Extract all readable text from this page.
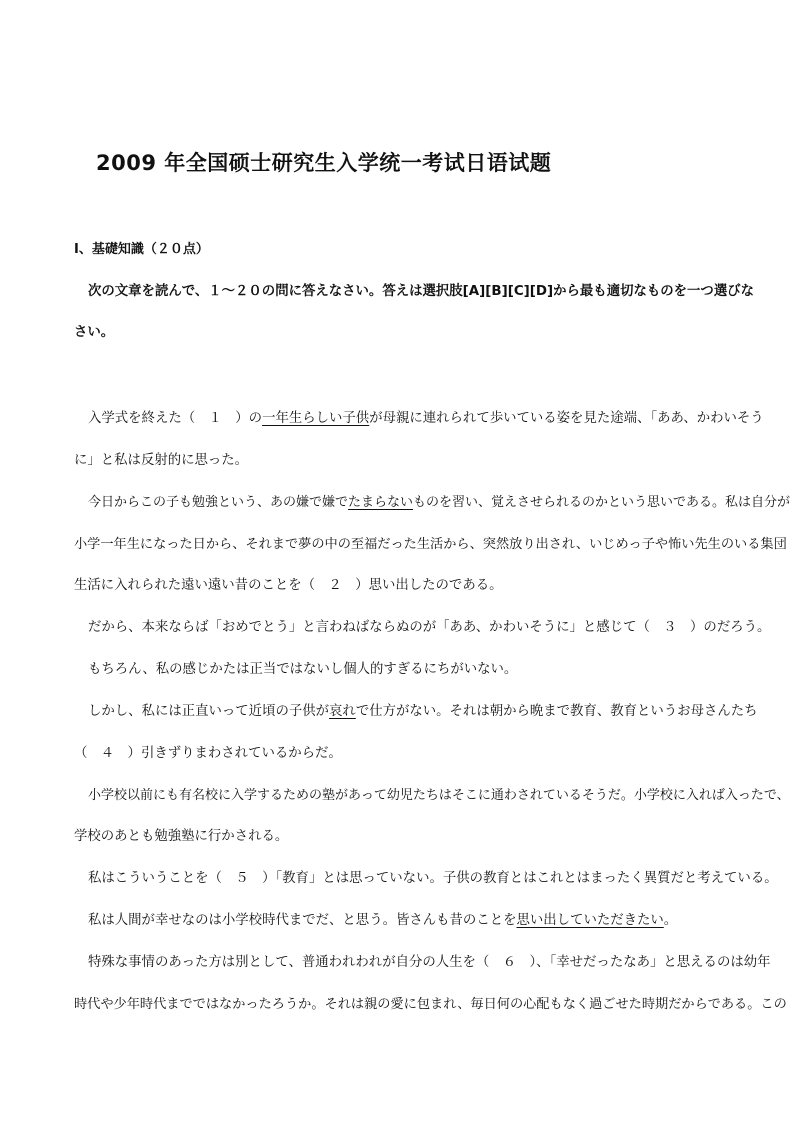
2009 年全国硕士研究生入学统一考试日语试题
Ⅰ、基礎知識（２０点）
次の文章を読んで、１～２０の問に答えなさい。答えは選択肢[A][B][C][D]から最も適切なものを一つ選びな
さい。
入学式を終えた（　１　）の一年生らしい子供が母親に連れられて歩いている姿を見た途端、「ああ、かわいそう
に」と私は反射的に思った。
今日からこの子も勉強という、あの嫌で嫌でたまらないものを習い、覚えさせられるのかという思いである。私は自分が
小学一年生になった日から、それまで夢の中の至福だった生活から、突然放り出され、いじめっ子や怖い先生のいる集団
生活に入れられた遠い遠い昔のことを（　２　）思い出したのである。
だから、本来ならば「おめでとう」と言わねばならぬのが「ああ、かわいそうに」と感じて（　３　）のだろう。
もちろん、私の感じかたは正当ではないし個人的すぎるにちがいない。
しかし、私には正直いって近頃の子供が哀れで仕方がない。それは朝から晩まで教育、教育というお母さんたち
（　４　）引きずりまわされているからだ。
小学校以前にも有名校に入学するための塾があって幼児たちはそこに通わされているそうだ。小学校に入れば入ったで、
学校のあとも勉強塾に行かされる。
私はこういうことを（　５　）「教育」とは思っていない。子供の教育とはこれとはまったく異質だと考えている。
私は人間が幸せなのは小学校時代までだ、と思う。皆さんも昔のことを思い出していただきたい。
特殊な事情のあった方は別として、普通われわれが自分の人生を（　６　）、「幸せだったなあ」と思えるのは幼年
時代や少年時代までではなかったろうか。それは親の愛に包まれ、毎日何の心配もなく過ごせた時期だからである。この
